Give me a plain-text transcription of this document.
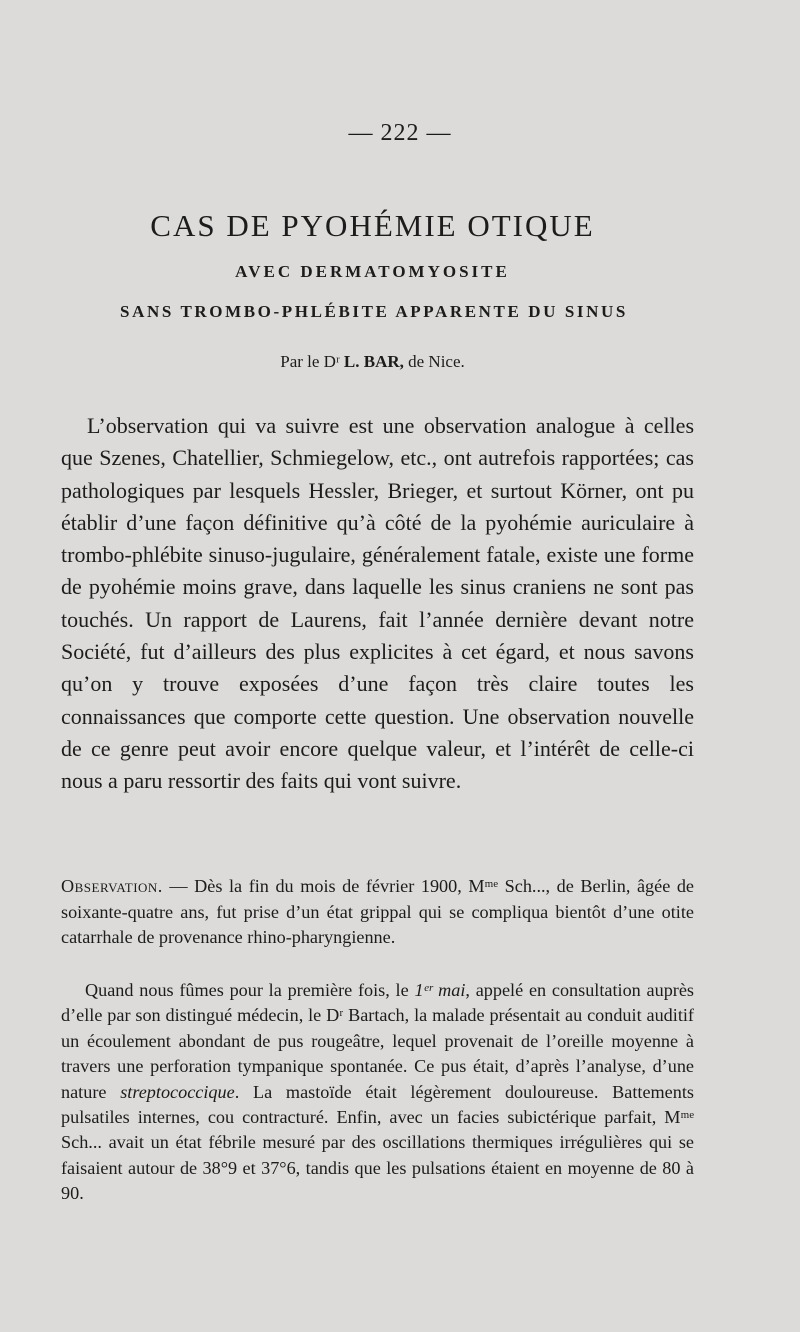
— 222 —
CAS DE PYOHÉMIE OTIQUE
AVEC DERMATOMYOSITE
SANS TROMBO-PHLÉBITE APPARENTE DU SINUS
Par le Dʳ L. BAR, de Nice.

L’observation qui va suivre est une observation analogue à celles que Szenes, Chatellier, Schmiegelow, etc., ont autrefois rapportées; cas pathologiques par lesquels Hessler, Brieger, et surtout Körner, ont pu établir d’une façon définitive qu’à côté de la pyohémie auriculaire à trombo-phlébite sinuso-jugulaire, généralement fatale, existe une forme de pyohémie moins grave, dans laquelle les sinus craniens ne sont pas touchés. Un rapport de Laurens, fait l’année dernière devant notre Société, fut d’ailleurs des plus explicites à cet égard, et nous savons qu’on y trouve exposées d’une façon très claire toutes les connaissances que comporte cette question. Une observation nouvelle de ce genre peut avoir encore quelque valeur, et l’intérêt de celle-ci nous a paru ressortir des faits qui vont suivre.

Observation. — Dès la fin du mois de février 1900, Mᵐᵉ Sch..., de Berlin, âgée de soixante-quatre ans, fut prise d’un état grippal qui se compliqua bientôt d’une otite catarrhale de provenance rhino-pharyngienne.

Quand nous fûmes pour la première fois, le 1ᵉʳ mai, appelé en consultation auprès d’elle par son distingué médecin, le Dʳ Bartach, la malade présentait au conduit auditif un écoulement abondant de pus rougeâtre, lequel provenait de l’oreille moyenne à travers une perforation tympanique spontanée. Ce pus était, d’après l’analyse, d’une nature streptococcique. La mastoïde était légèrement douloureuse. Battements pulsatiles internes, cou contracturé. Enfin, avec un facies subictérique parfait, Mᵐᵉ Sch... avait un état fébrile mesuré par des oscillations thermiques irrégulières qui se faisaient autour de 38°9 et 37°6, tandis que les pulsations étaient en moyenne de 80 à 90.
